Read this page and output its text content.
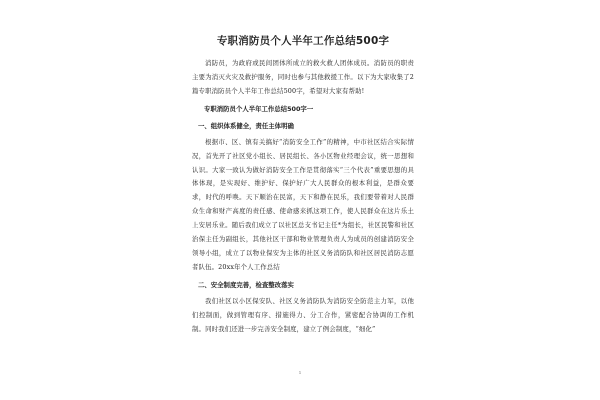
专职消防员个人半年工作总结500字

消防员，为政府或民间团体所成立的救火救人团体成员。消防员的职责主要为消灭火灾及救护服务，同时也参与其他救援工作。以下为大家收集了2篇专职消防员个人半年工作总结500字，希望对大家有帮助!

专职消防员个人半年工作总结500字一
一、组织体系健全，责任主体明确

根据市、区、镇有关搞好“消防安全工作”的精神，中市社区结合实际情况，首先开了社区党小组长、居民组长、各小区物业经理会议，统一思想和认识。大家一致认为做好消防安全工作是贯彻落实“三个代表”重要思想的具体体现，是实现好、维护好、保护好广大人民群众的根本利益，是群众要求，时代的呼唤。天下顺治在民富，天下和静在民乐，我们要带着对人民群众生命和财产高度的责任感、使命感来抓这项工作，使人民群众在这片乐土上安居乐业。随后我们成立了以社区总支书记主任*为组长，社区民警和社区治保主任为副组长，其他社区干部和物业管理负责人为成员的创建消防安全领导小组，成立了以物业保安为主体的社区义务消防队和社区居民消防志愿者队伍。20xx年个人工作总结

二、安全制度完善，检查整改落实

我们社区以小区保安队、社区义务消防队为消防安全防范主力军，以他们控制面，做到管理有序、措施得力、分工合作，紧密配合协调的工作机制。同时我们还进一步完善安全制度，建立了例会制度，“细化”

1
